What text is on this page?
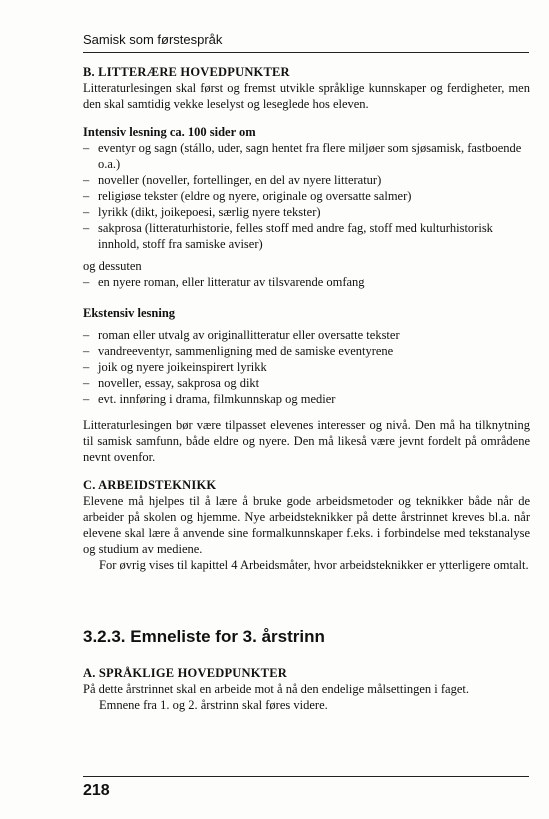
Samisk som førstespråk

B. LITTERÆRE HOVEDPUNKTER

Litteraturlesingen skal først og fremst utvikle språklige kunnskaper og ferdigheter, men den skal samtidig vekke leselyst og leseglede hos eleven.

Intensiv lesning ca. 100 sider om

– eventyr og sagn (stállo, uder, sagn hentet fra flere miljøer som sjøsamisk, fastboende o.a.)
– noveller (noveller, fortellinger, en del av nyere litteratur)
– religiøse tekster (eldre og nyere, originale og oversatte salmer)
– lyrikk (dikt, joikepoesi, særlig nyere tekster)
– sakprosa (litteraturhistorie, felles stoff med andre fag, stoff med kulturhistorisk innhold, stoff fra samiske aviser)

og dessuten

– en nyere roman, eller litteratur av tilsvarende omfang

Ekstensiv lesning

– roman eller utvalg av originallitteratur eller oversatte tekster
– vandreeventyr, sammenligning med de samiske eventyrene
– joik og nyere joikeinspirert lyrikk
– noveller, essay, sakprosa og dikt
– evt. innføring i drama, filmkunnskap og medier

Litteraturlesingen bør være tilpasset elevenes interesser og nivå. Den må ha tilknytning til samisk samfunn, både eldre og nyere. Den må likeså være jevnt fordelt på områdene nevnt ovenfor.

C. ARBEIDSTEKNIKK

Elevene må hjelpes til å lære å bruke gode arbeidsmetoder og teknikker både når de arbeider på skolen og hjemme. Nye arbeidsteknikker på dette årstrinnet kreves bl.a. når elevene skal lære å anvende sine formalkunnskaper f.eks. i forbindelse med tekstanalyse og studium av mediene.

For øvrig vises til kapittel 4 Arbeidsmåter, hvor arbeidsteknikker er ytterligere omtalt.

3.2.3. Emneliste for 3. årstrinn

A. SPRÅKLIGE HOVEDPUNKTER

På dette årstrinnet skal en arbeide mot å nå den endelige målsettingen i faget.

Emnene fra 1. og 2. årstrinn skal føres videre.

218
